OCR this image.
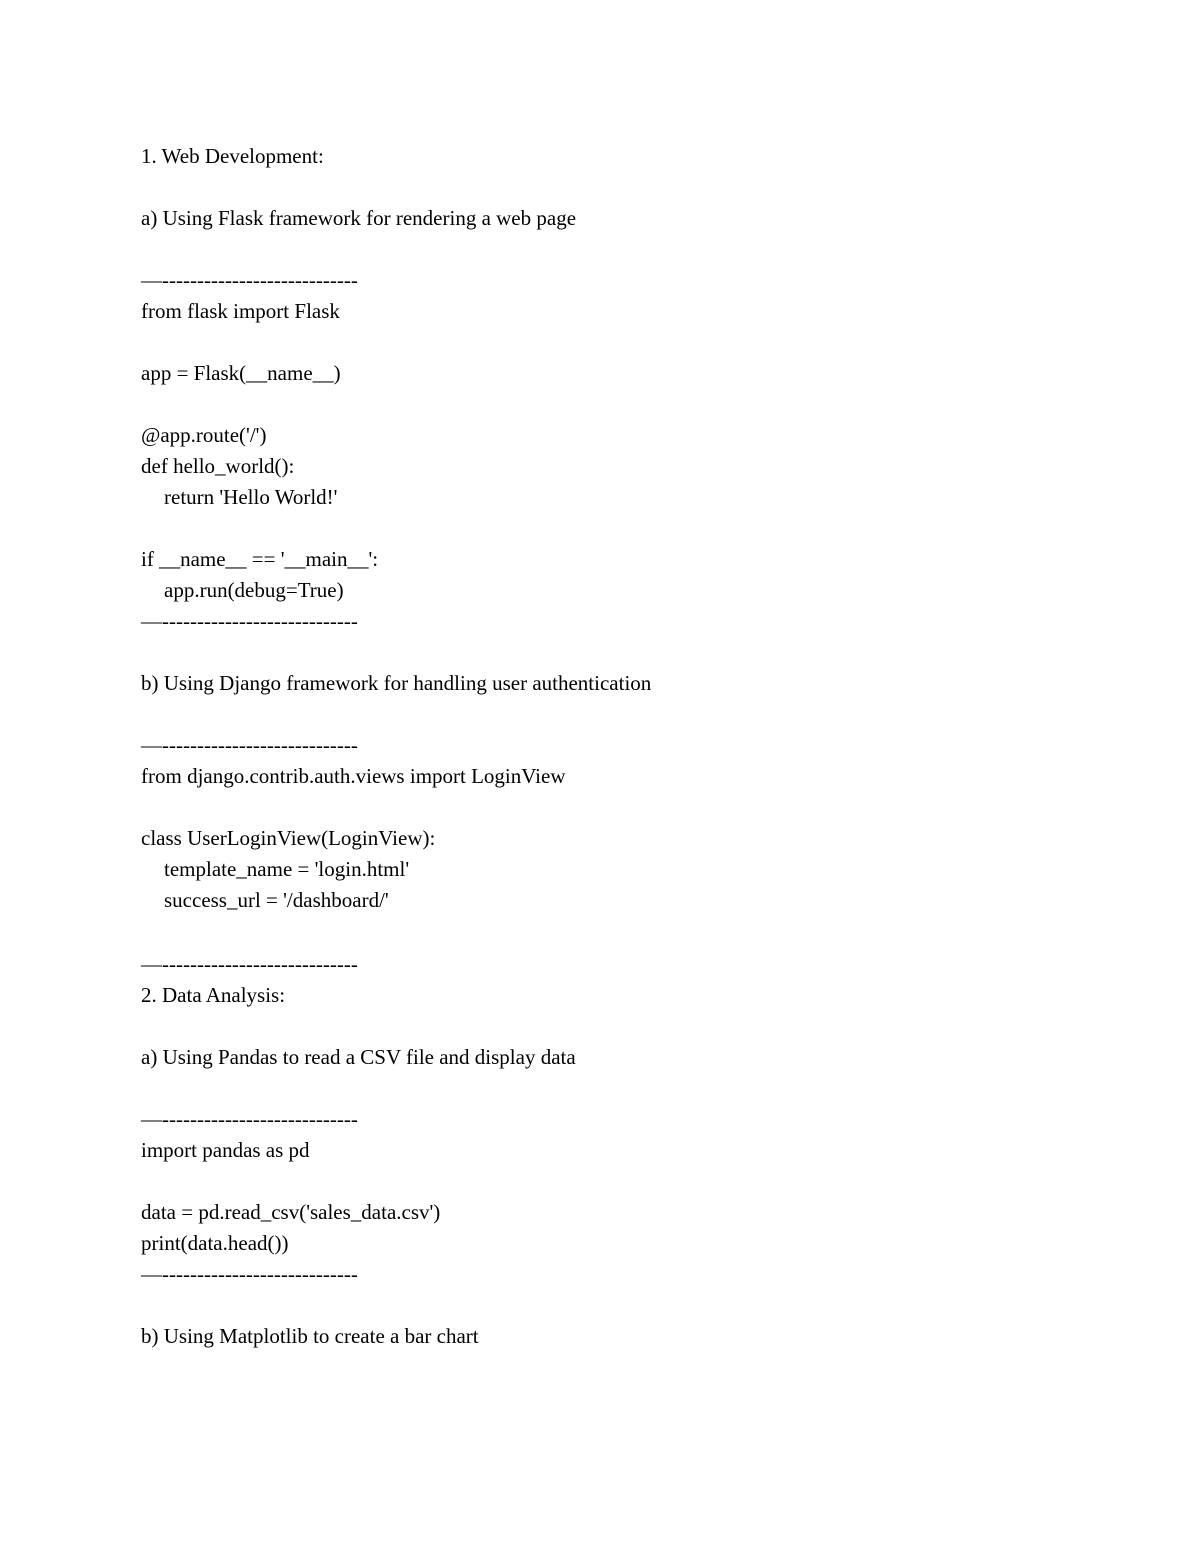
1. Web Development:

a) Using Flask framework for rendering a web page

—----------------------------

from flask import Flask

app = Flask(__name__)

@app.route('/')

def hello_world():

return 'Hello World!'

if __name__ == '__main__':

app.run(debug=True)

—----------------------------

b) Using Django framework for handling user authentication

—----------------------------

from django.contrib.auth.views import LoginView

class UserLoginView(LoginView):

template_name = 'login.html'

success_url = '/dashboard/'

—----------------------------

2. Data Analysis:

a) Using Pandas to read a CSV file and display data

—----------------------------

import pandas as pd

data = pd.read_csv('sales_data.csv')

print(data.head())

—----------------------------

b) Using Matplotlib to create a bar chart
